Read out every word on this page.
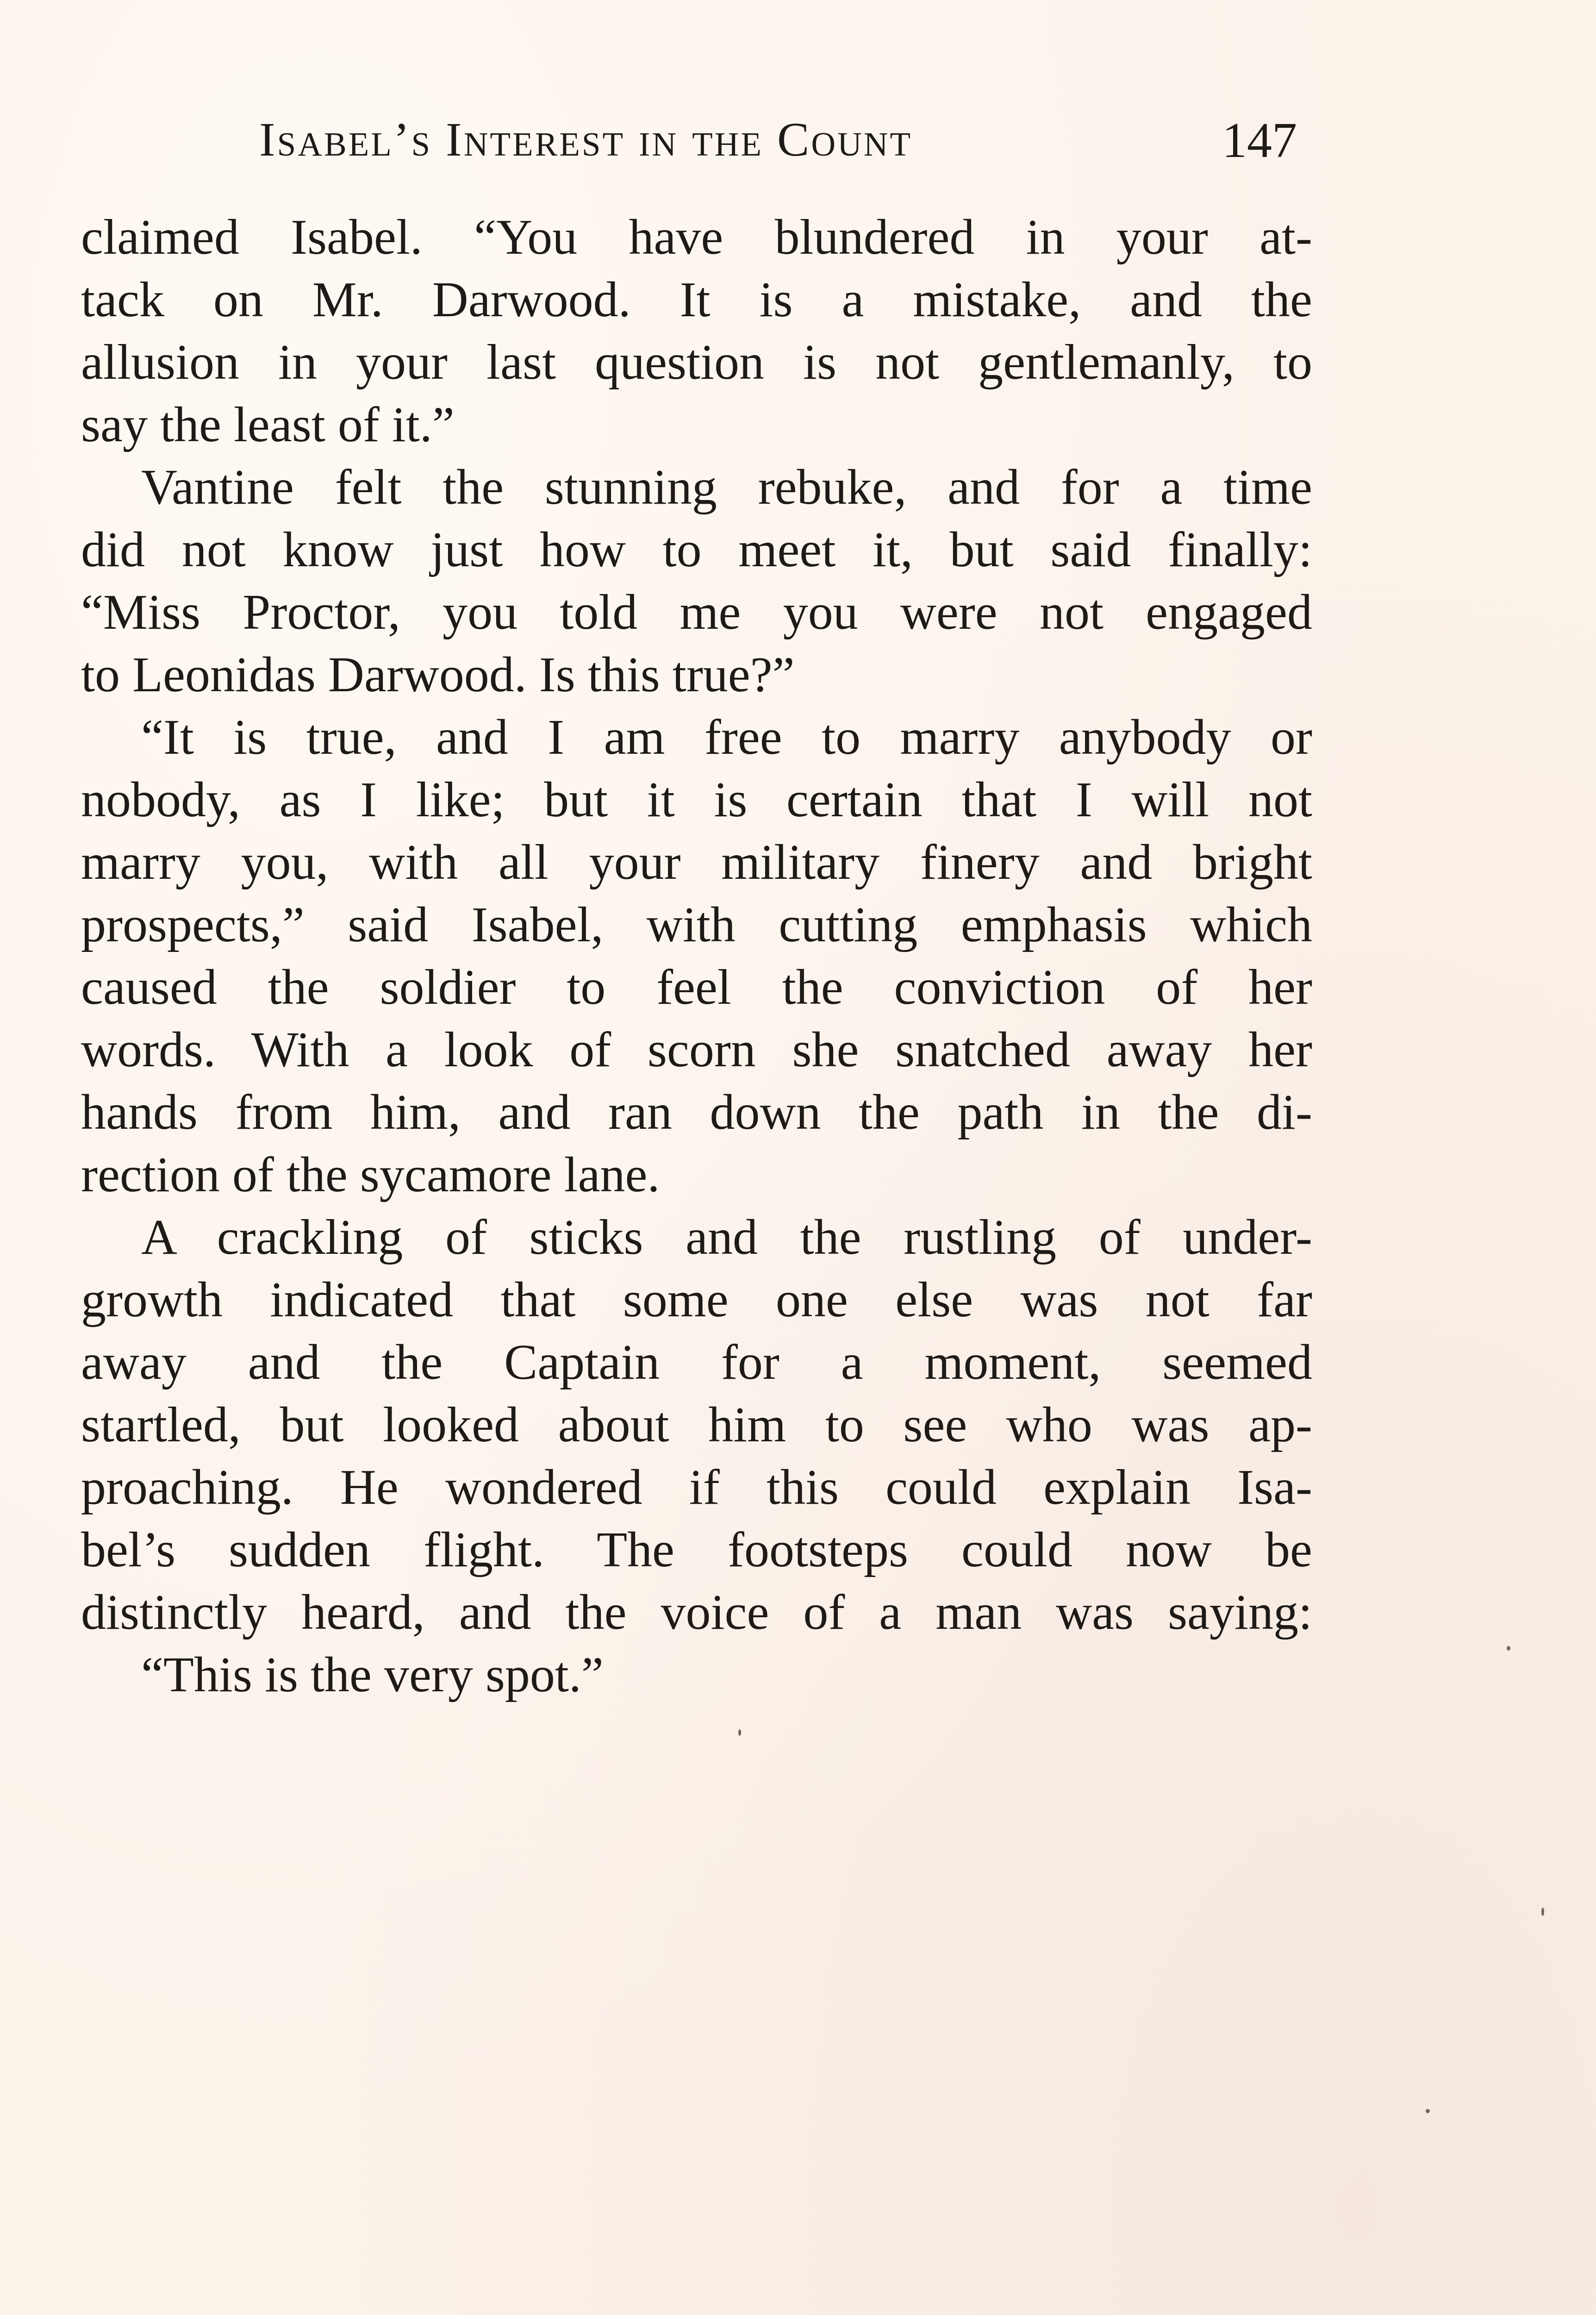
Isabel’s Interest in the Count	147
claimed Isabel. “You have blundered in your at-
tack on Mr. Darwood. It is a mistake, and the
allusion in your last question is not gentlemanly, to
say the least of it.”
Vantine felt the stunning rebuke, and for a time
did not know just how to meet it, but said finally:
“Miss Proctor, you told me you were not engaged
to Leonidas Darwood. Is this true?”
“It is true, and I am free to marry anybody or
nobody, as I like; but it is certain that I will not
marry you, with all your military finery and bright
prospects,” said Isabel, with cutting emphasis which
caused the soldier to feel the conviction of her
words. With a look of scorn she snatched away her
hands from him, and ran down the path in the di-
rection of the sycamore lane.
A crackling of sticks and the rustling of under-
growth indicated that some one else was not far
away and the Captain for a moment, seemed
startled, but looked about him to see who was ap-
proaching. He wondered if this could explain Isa-
bel’s sudden flight. The footsteps could now be
distinctly heard, and the voice of a man was saying:
“This is the very spot.”
